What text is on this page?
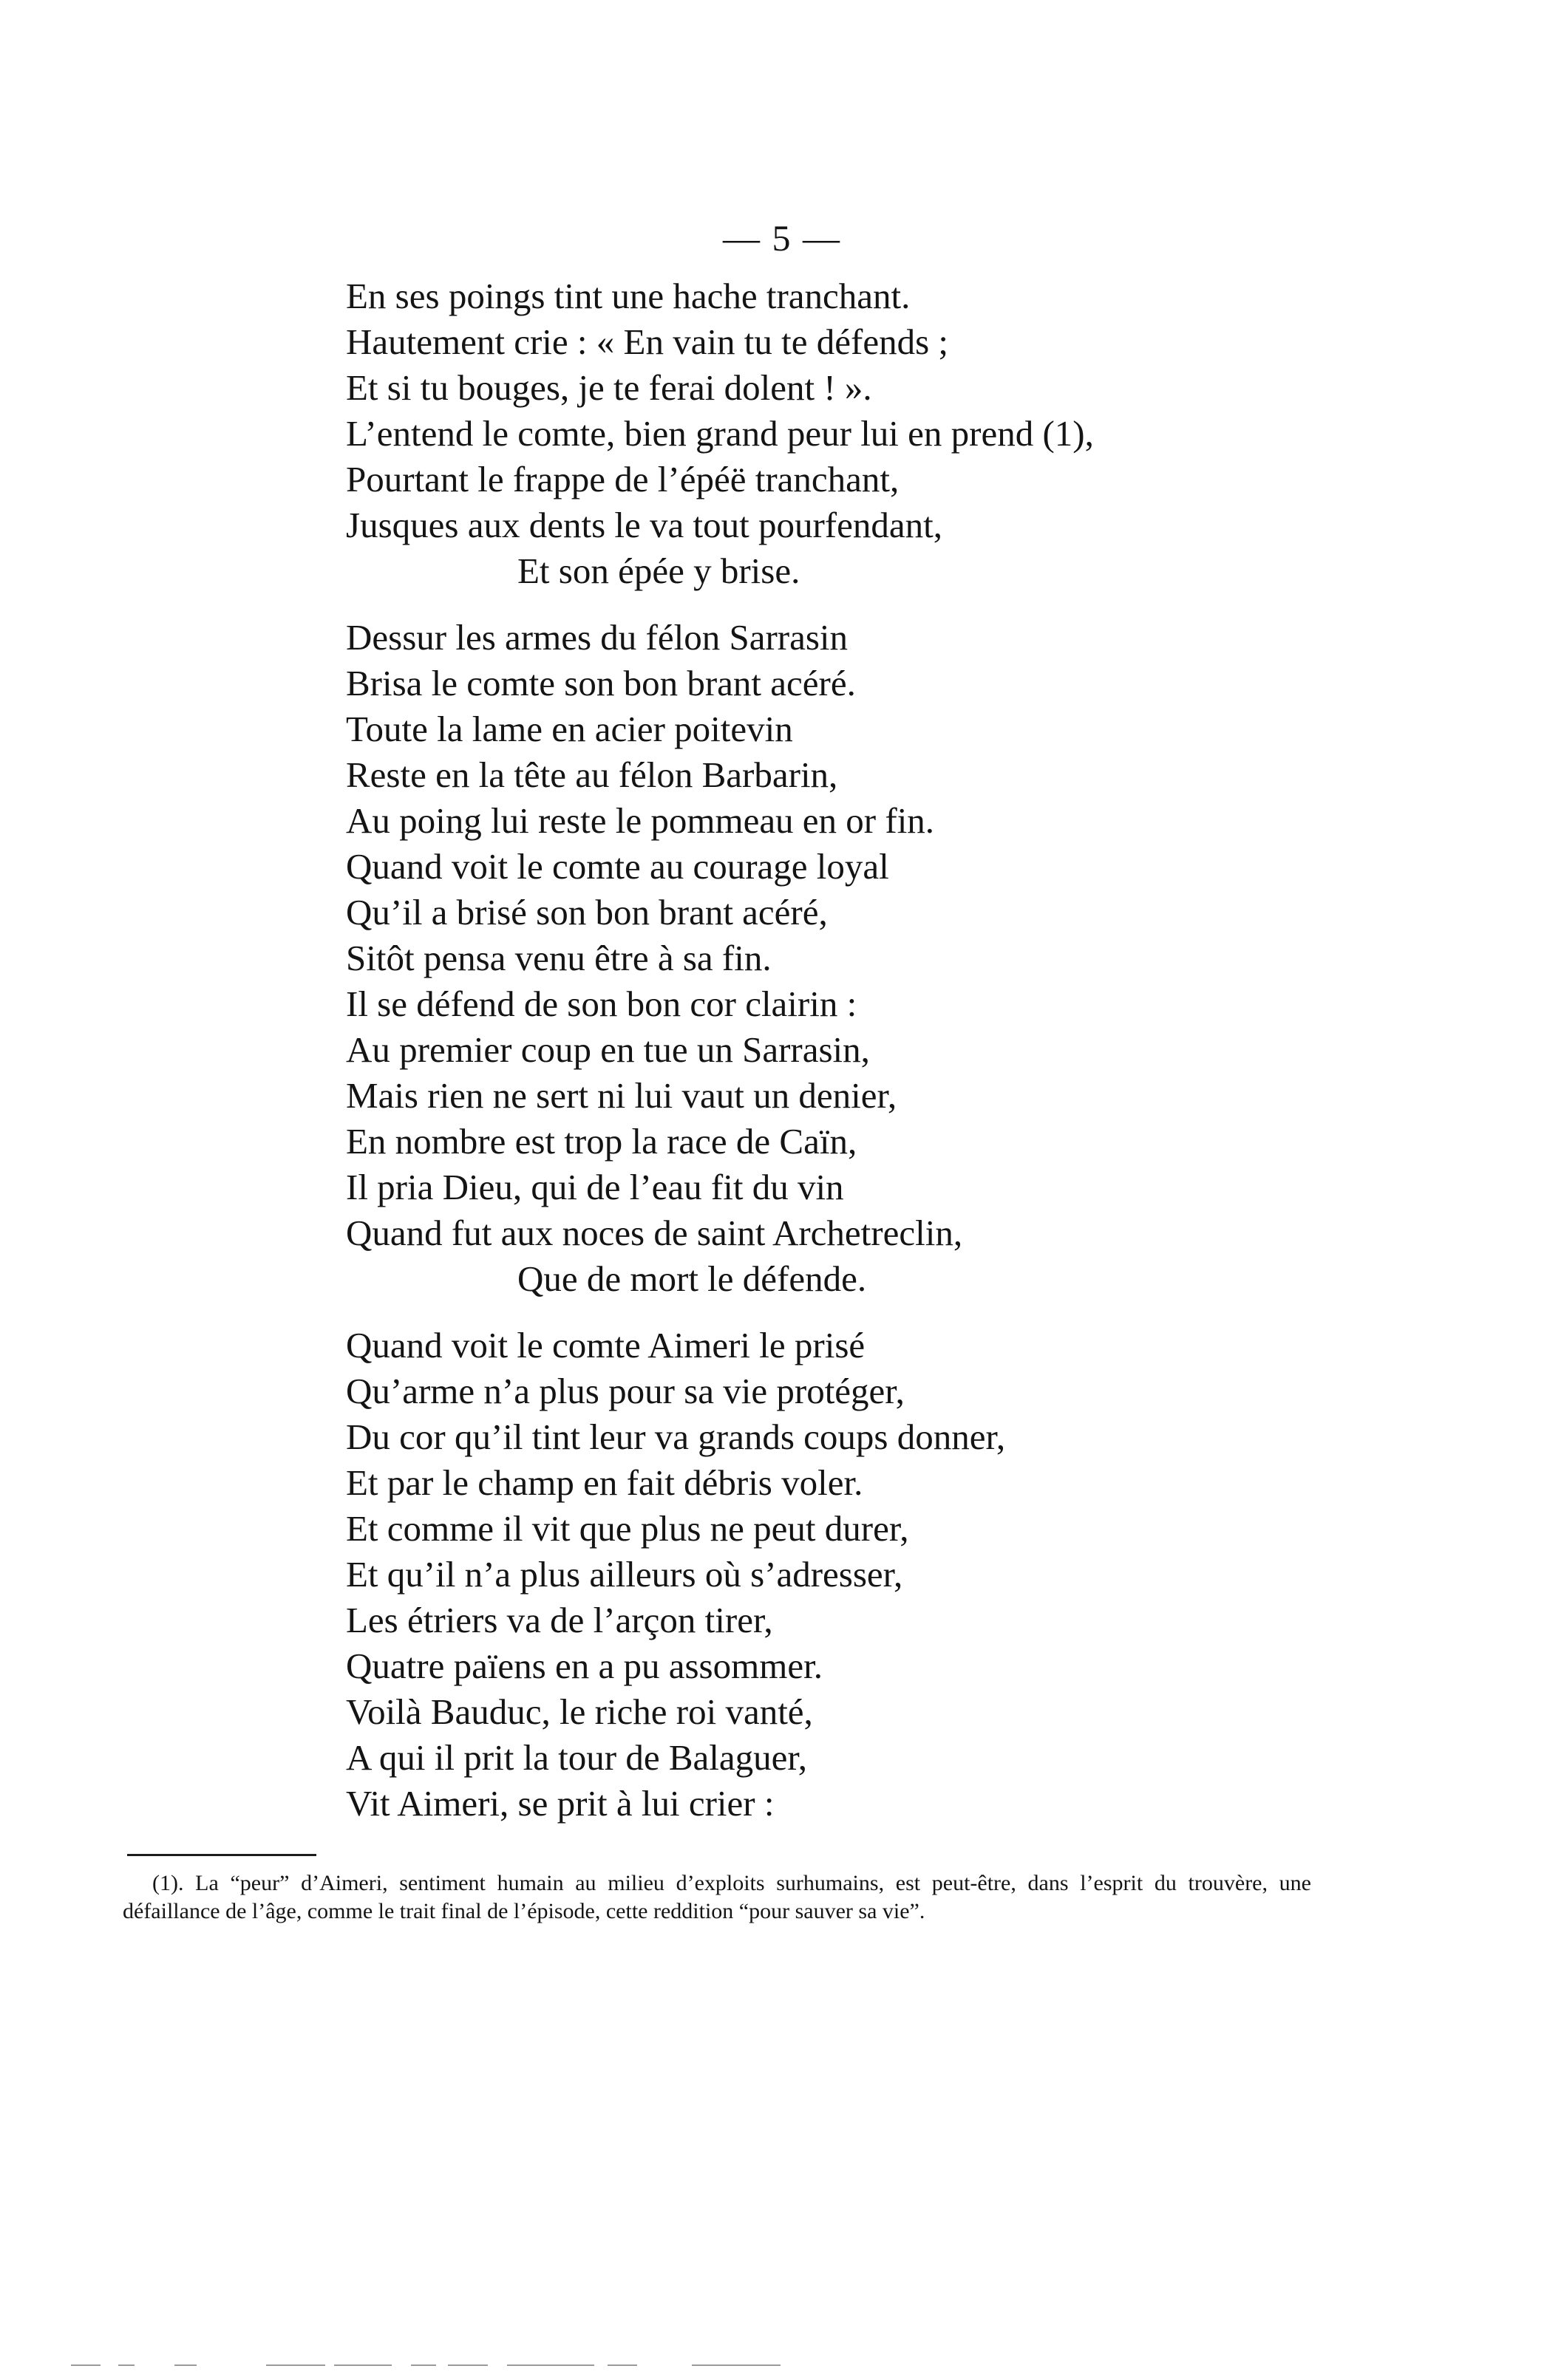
— 5 —
En ses poings tint une hache tranchant.
Hautement crie : « En vain tu te défends ;
Et si tu bouges, je te ferai dolent ! ».
L’entend le comte, bien grand peur lui en prend (1),
Pourtant le frappe de l’épéë tranchant,
Jusques aux dents le va tout pourfendant,
Et son épée y brise.
Dessur les armes du félon Sarrasin
Brisa le comte son bon brant acéré.
Toute la lame en acier poitevin
Reste en la tête au félon Barbarin,
Au poing lui reste le pommeau en or fin.
Quand voit le comte au courage loyal
Qu’il a brisé son bon brant acéré,
Sitôt pensa venu être à sa fin.
Il se défend de son bon cor clairin :
Au premier coup en tue un Sarrasin,
Mais rien ne sert ni lui vaut un denier,
En nombre est trop la race de Caïn,
Il pria Dieu, qui de l’eau fit du vin
Quand fut aux noces de saint Archetreclin,
Que de mort le défende.
Quand voit le comte Aimeri le prisé
Qu’arme n’a plus pour sa vie protéger,
Du cor qu’il tint leur va grands coups donner,
Et par le champ en fait débris voler.
Et comme il vit que plus ne peut durer,
Et qu’il n’a plus ailleurs où s’adresser,
Les étriers va de l’arçon tirer,
Quatre païens en a pu assommer.
Voilà Bauduc, le riche roi vanté,
A qui il prit la tour de Balaguer,
Vit Aimeri, se prit à lui crier :
(1). La “peur” d’Aimeri, sentiment humain au milieu d’exploits surhumains, est peut-être, dans l’esprit du trouvère, une défaillance de l’âge, comme le trait final de l’épisode, cette reddition “pour sauver sa vie”.
